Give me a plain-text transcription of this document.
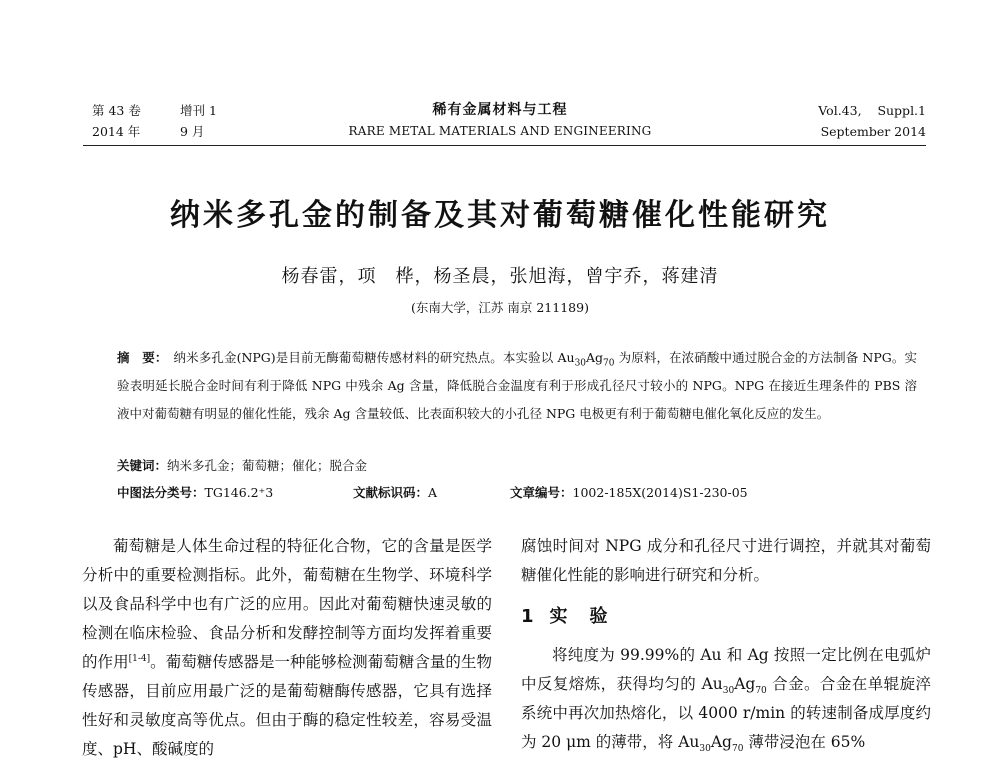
第 43 卷	增刊 1
2014 年	9 月
稀有金属材料与工程
RARE METAL MATERIALS AND ENGINEERING
Vol.43,    Suppl.1
September 2014
纳米多孔金的制备及其对葡萄糖催化性能研究
杨春雷，项　桦，杨圣晨，张旭海，曾宇乔，蒋建清
(东南大学，江苏 南京 211189)
摘　要： 纳米多孔金(NPG)是目前无酶葡萄糖传感材料的研究热点。本实验以 $Au_{30}Ag_{70}$ 为原料，在浓硝酸中通过脱合金的方法制备 NPG。实验表明延长脱合金时间有利于降低 NPG 中残余 Ag 含量，降低脱合金温度有利于形成孔径尺寸较小的 NPG。NPG 在接近生理条件的 PBS 溶液中对葡萄糖有明显的催化性能，残余 Ag 含量较低、比表面积较大的小孔径 NPG 电极更有利于葡萄糖电催化氧化反应的发生。
关键词：纳米多孔金；葡萄糖；催化；脱合金
中图法分类号：TG146.2⁺3	文献标识码：A	文章编号：1002-185X(2014)S1-230-05

葡萄糖是人体生命过程的特征化合物，它的含量是医学分析中的重要检测指标。此外，葡萄糖在生物学、环境科学以及食品科学中也有广泛的应用。因此对葡萄糖快速灵敏的检测在临床检验、食品分析和发酵控制等方面均发挥着重要的作用[1-4]。葡萄糖传感器是一种能够检测葡萄糖含量的生物传感器，目前应用最广泛的是葡萄糖酶传感器，它具有选择性好和灵敏度高等优点。但由于酶的稳定性较差，容易受温度、pH、酸碱度的

腐蚀时间对 NPG 成分和孔径尺寸进行调控，并就其对葡萄糖催化性能的影响进行研究和分析。

1 实　验

将纯度为 99.99%的 Au 和 Ag 按照一定比例在电弧炉中反复熔炼，获得均匀的 $Au_{30}Ag_{70}$ 合金。合金在单辊旋淬系统中再次加热熔化，以 4000 r/min 的转速制备成厚度约为 20 μm 的薄带，将 $Au_{30}Ag_{70}$ 薄带浸泡在 65%
